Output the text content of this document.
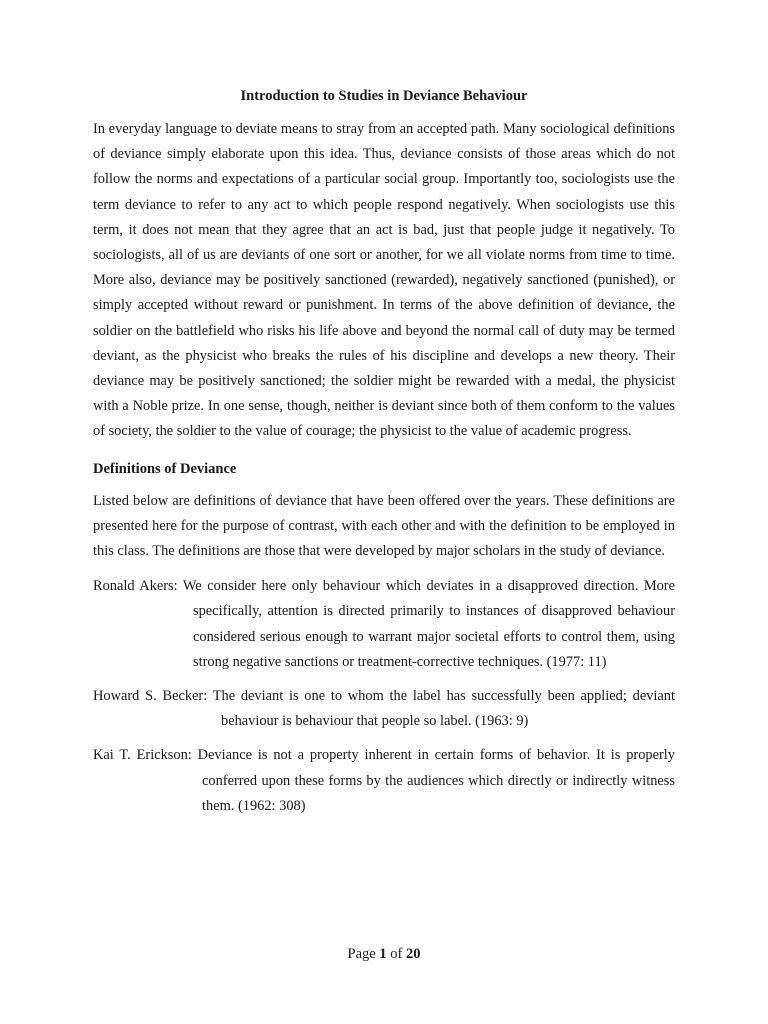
Introduction to Studies in Deviance Behaviour

In everyday language to deviate means to stray from an accepted path. Many sociological definitions of deviance simply elaborate upon this idea. Thus, deviance consists of those areas which do not follow the norms and expectations of a particular social group. Importantly too, sociologists use the term deviance to refer to any act to which people respond negatively. When sociologists use this term, it does not mean that they agree that an act is bad, just that people judge it negatively. To sociologists, all of us are deviants of one sort or another, for we all violate norms from time to time. More also, deviance may be positively sanctioned (rewarded), negatively sanctioned (punished), or simply accepted without reward or punishment. In terms of the above definition of deviance, the soldier on the battlefield who risks his life above and beyond the normal call of duty may be termed deviant, as the physicist who breaks the rules of his discipline and develops a new theory. Their deviance may be positively sanctioned; the soldier might be rewarded with a medal, the physicist with a Noble prize. In one sense, though, neither is deviant since both of them conform to the values of society, the soldier to the value of courage; the physicist to the value of academic progress.

Definitions of Deviance

Listed below are definitions of deviance that have been offered over the years. These definitions are presented here for the purpose of contrast, with each other and with the definition to be employed in this class. The definitions are those that were developed by major scholars in the study of deviance.

Ronald Akers: We consider here only behaviour which deviates in a disapproved direction. More specifically, attention is directed primarily to instances of disapproved behaviour considered serious enough to warrant major societal efforts to control them, using strong negative sanctions or treatment-corrective techniques. (1977: 11)

Howard S. Becker: The deviant is one to whom the label has successfully been applied; deviant behaviour is behaviour that people so label. (1963: 9)

Kai T. Erickson: Deviance is not a property inherent in certain forms of behavior. It is properly conferred upon these forms by the audiences which directly or indirectly witness them. (1962: 308)

Page 1 of 20
